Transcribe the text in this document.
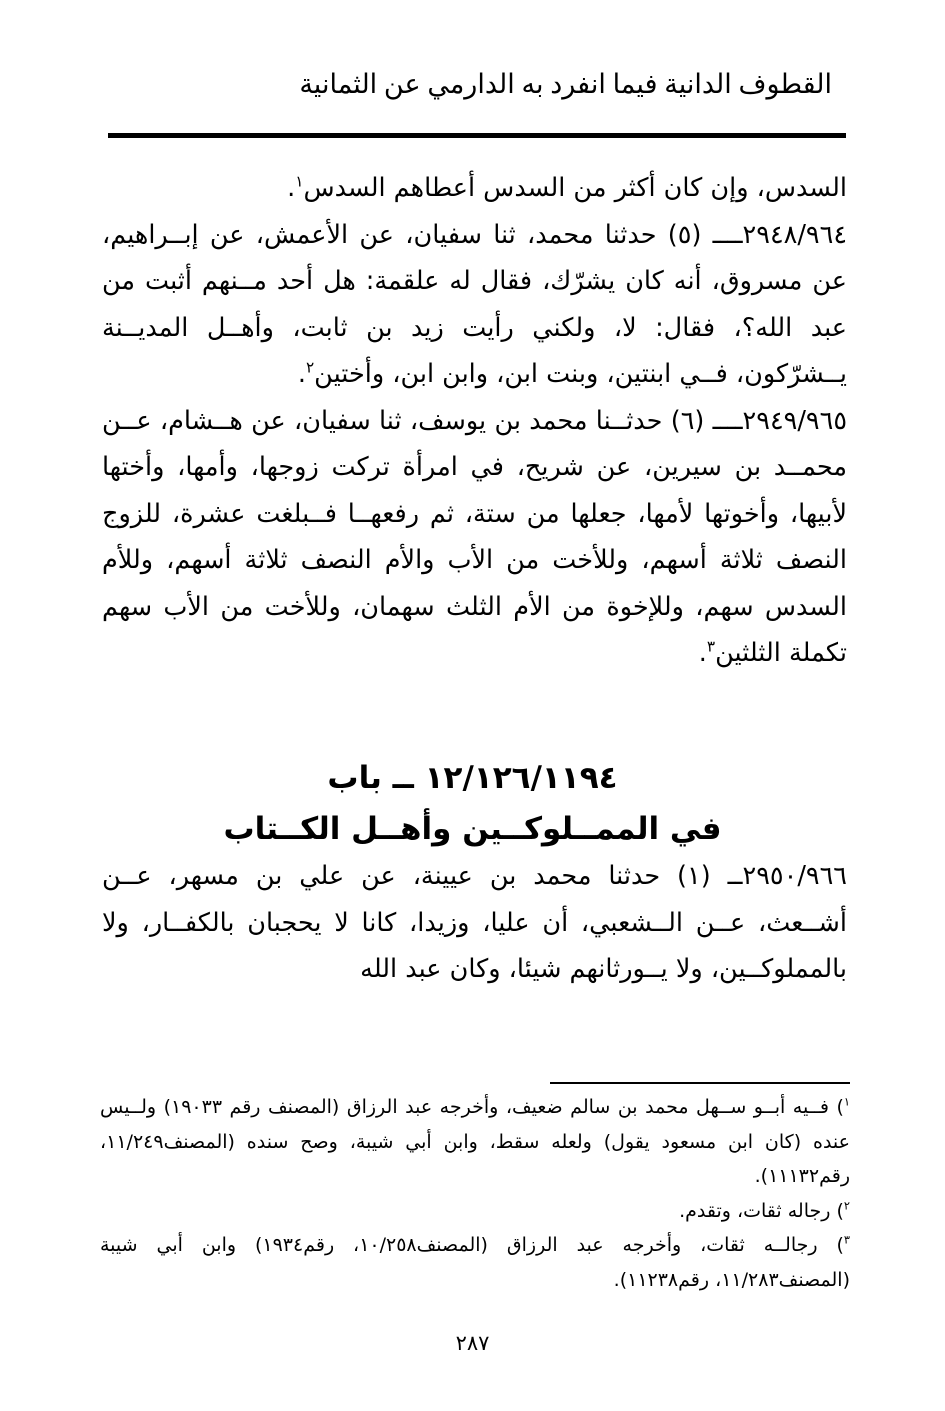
القطوف الدانية فيما انفرد به الدارمي عن الثمانية

السدس، وإن كان أكثر من السدس أعطاهم السدس$^١$.

٢٩٤٨/٩٦٤ــــ (٥) حدثنا محمد، ثنا سفيان، عن الأعمش، عن إبــراهيم، عن مسروق، أنه كان يشرّك، فقال له علقمة: هل أحد مــنهم أثبت من عبد الله؟، فقال: لا، ولكني رأيت زيد بن ثابت، وأهــل المديــنة يــشرّكون، فــي ابنتين، وبنت ابن، وابن ابن، وأختين$^٢$.

٢٩٤٩/٩٦٥ــــ (٦) حدثــنا محمد بن يوسف، ثنا سفيان، عن هــشام، عــن محمــد بن سيرين، عن شريح، في امرأة تركت زوجها، وأمها، وأختها لأبيها، وأخوتها لأمها، جعلها من ستة، ثم رفعهــا فــبلغت عشرة، للزوج النصف ثلاثة أسهم، وللأخت من الأب والأم النصف ثلاثة أسهم، وللأم السدس سهم، وللإخوة من الأم الثلث سهمان، وللأخت من الأب سهم تكملة الثلثين$^٣$.

١٢/١٢٦/١١٩٤ ــ باب
في الممــلوكــين وأهــل الكــتاب

٢٩٥٠/٩٦٦ــ (١) حدثنا محمد بن عيينة، عن علي بن مسهر، عــن أشــعث، عــن الــشعبي، أن عليا، وزيدا، كانا لا يحجبان بالكفــار، ولا بالمملوكــين، ولا يــورثانهم شيئا، وكان عبد الله

$^١$) فــيه أبــو ســهل محمد بن سالم ضعيف، وأخرجه عبد الرزاق (المصنف رقم ١٩٠٣٣) ولــيس عنده (كان ابن مسعود يقول) ولعله سقط، وابن أبي شيبة، وصح سنده (المصنف١١/٢٤٩، رقم١١١٣٢).

$^٢$) رجاله ثقات، وتقدم.

$^٣$) رجالــه ثقات، وأخرجه عبد الرزاق (المصنف١٠/٢٥٨، رقم١٩٣٤) وابن أبي شيبة (المصنف١١/٢٨٣، رقم١١٢٣٨).

٢٨٧
